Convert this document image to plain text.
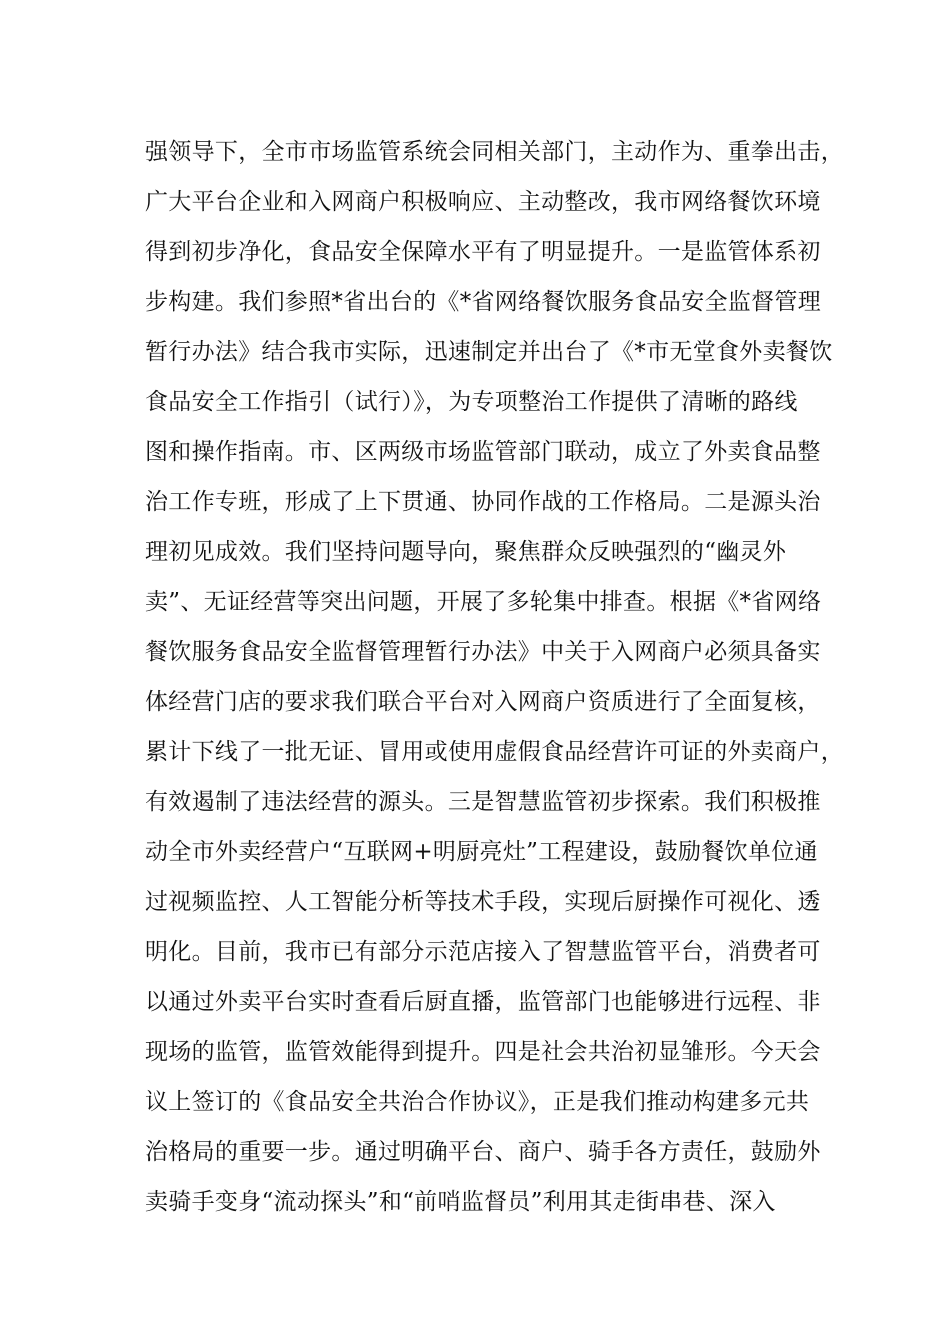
强领导下，全市市场监管系统会同相关部门，主动作为、重拳出击，
广大平台企业和入网商户积极响应、主动整改，我市网络餐饮环境
得到初步净化，食品安全保障水平有了明显提升。一是监管体系初
步构建。我们参照*省出台的《*省网络餐饮服务食品安全监督管理
暂行办法》结合我市实际，迅速制定并出台了《*市无堂食外卖餐饮
食品安全工作指引（试行）》，为专项整治工作提供了清晰的路线
图和操作指南。市、区两级市场监管部门联动，成立了外卖食品整
治工作专班，形成了上下贯通、协同作战的工作格局。二是源头治
理初见成效。我们坚持问题导向，聚焦群众反映强烈的“幽灵外
卖”、无证经营等突出问题，开展了多轮集中排查。根据《*省网络
餐饮服务食品安全监督管理暂行办法》中关于入网商户必须具备实
体经营门店的要求我们联合平台对入网商户资质进行了全面复核，
累计下线了一批无证、冒用或使用虚假食品经营许可证的外卖商户，
有效遏制了违法经营的源头。三是智慧监管初步探索。我们积极推
动全市外卖经营户“互联网+明厨亮灶”工程建设，鼓励餐饮单位通
过视频监控、人工智能分析等技术手段，实现后厨操作可视化、透
明化。目前，我市已有部分示范店接入了智慧监管平台，消费者可
以通过外卖平台实时查看后厨直播，监管部门也能够进行远程、非
现场的监管，监管效能得到提升。四是社会共治初显雏形。今天会
议上签订的《食品安全共治合作协议》，正是我们推动构建多元共
治格局的重要一步。通过明确平台、商户、骑手各方责任，鼓励外
卖骑手变身“流动探头”和“前哨监督员”利用其走街串巷、深入
